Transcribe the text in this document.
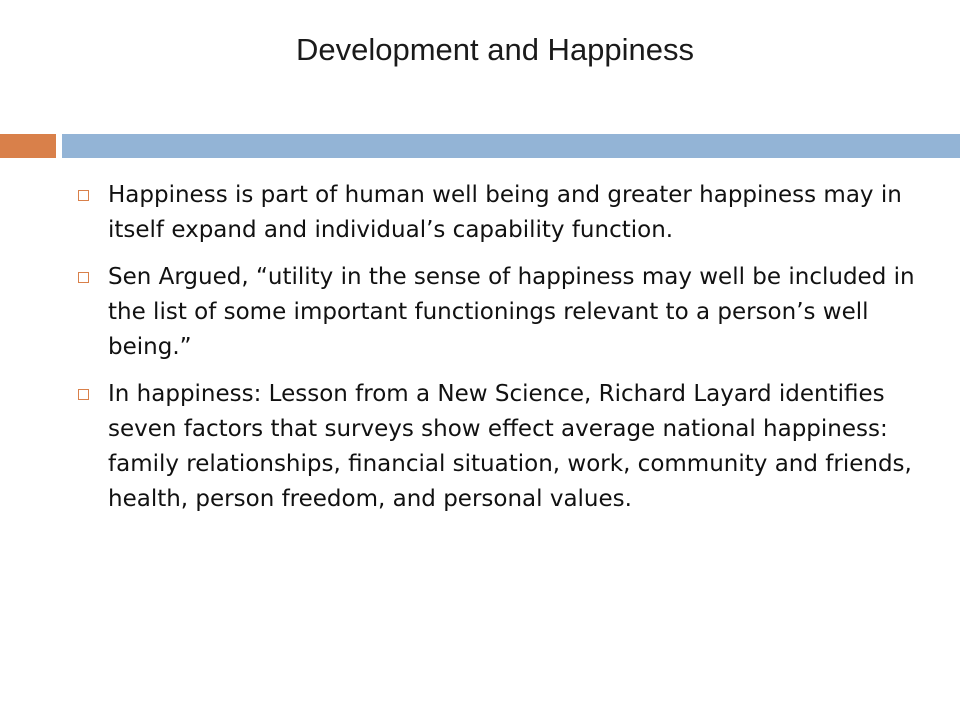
Development and Happiness
Happiness is part of human well being and greater happiness may in itself expand and individual’s capability function.
Sen Argued, “utility in the sense of happiness may well be included in the list of some important functionings relevant to a person’s well being.”
In happiness: Lesson from a New Science, Richard Layard identifies seven factors that surveys show effect average national happiness: family relationships, financial situation, work, community and friends, health, person freedom, and personal values.
